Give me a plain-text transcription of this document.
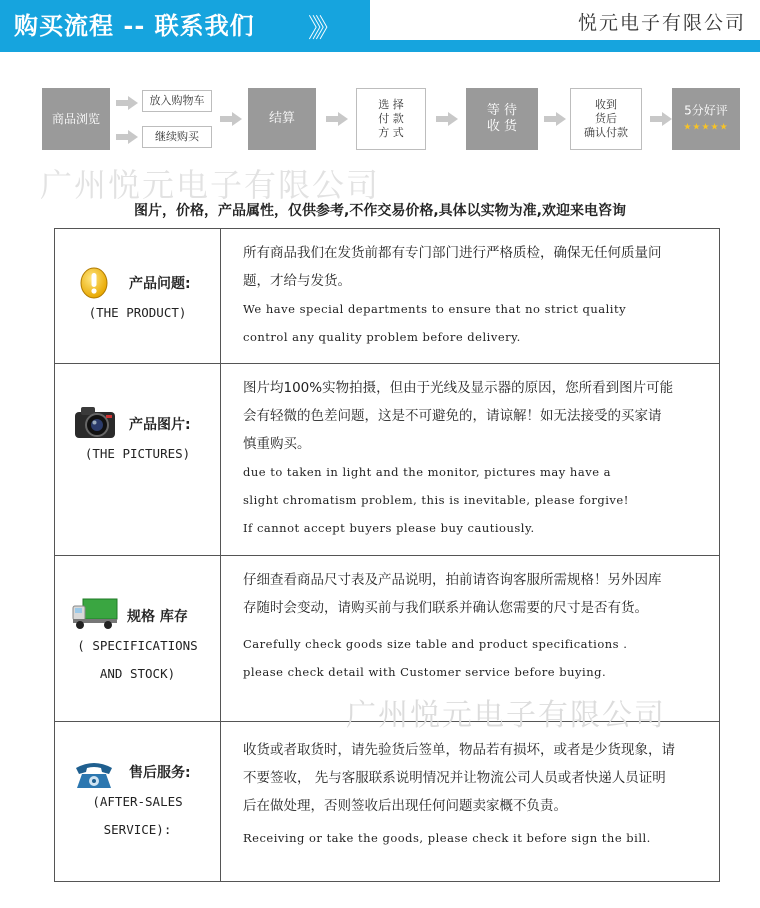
购买流程 -- 联系我们 》》	悦元电子有限公司
商品浏览
放入购物车
继续购买
结算
选 择
付 款
方 式
等 待
收 货
收到
货后
确认付款
5分好评
★★★★★
广州悦元电子有限公司
图片，价格，产品属性，仅供参考,不作交易价格,具体以实物为准,欢迎来电咨询
产品问题:
(THE PRODUCT)
所有商品我们在发货前都有专门部门进行严格质检，确保无任何质量问
题，才给与发货。
We have special departments to ensure that no strict quality
control any quality problem before delivery.
产品图片:
(THE PICTURES)
图片均100%实物拍摄，但由于光线及显示器的原因，您所看到图片可能
会有轻微的色差问题，这是不可避免的，请谅解！如无法接受的买家请
慎重购买。
due to taken in light and the monitor, pictures may have a
slight chromatism problem, this is inevitable, please forgive!
If cannot accept buyers please buy cautiously.
规格 库存
( SPECIFICATIONS
AND STOCK)
仔细查看商品尺寸表及产品说明，拍前请咨询客服所需规格！另外因库
存随时会变动，请购买前与我们联系并确认您需要的尺寸是否有货。
Carefully check goods size table and product specifications .
please check detail with Customer service before buying.
售后服务:
(AFTER-SALES
SERVICE):
收货或者取货时，请先验货后签单，物品若有损坏，或者是少货现象，请
不要签收， 先与客服联系说明情况并让物流公司人员或者快递人员证明
后在做处理，否则签收后出现任何问题卖家概不负责。
Receiving or take the goods, please check it before sign the bill.
广州悦元电子有限公司
